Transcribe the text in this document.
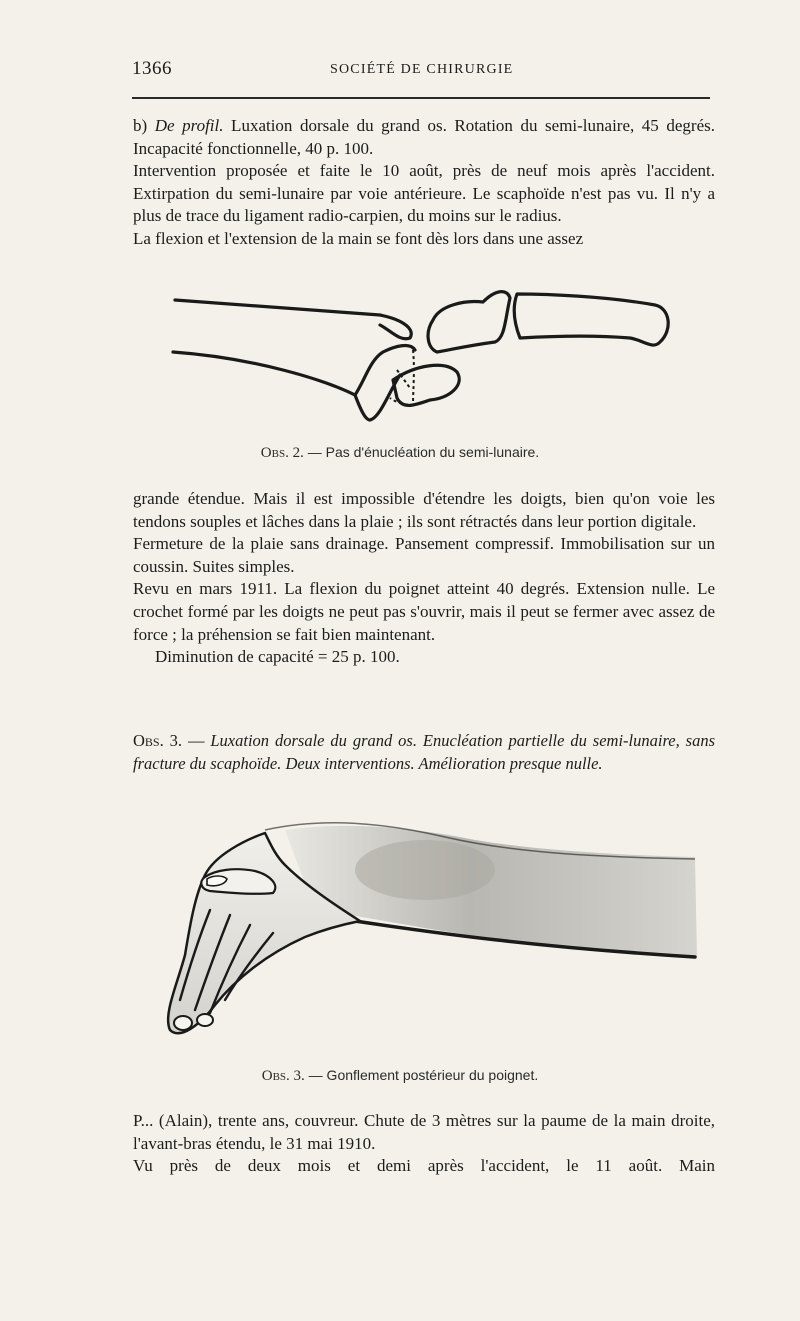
1366	SOCIÉTÉ DE CHIRURGIE

b) De profil. Luxation dorsale du grand os. Rotation du semi-lunaire, 45 degrés. Incapacité fonctionnelle, 40 p. 100.

Intervention proposée et faite le 10 août, près de neuf mois après l'accident. Extirpation du semi-lunaire par voie antérieure. Le scaphoïde n'est pas vu. Il n'y a plus de trace du ligament radio-carpien, du moins sur le radius.

La flexion et l'extension de la main se font dès lors dans une assez

Obs. 2. — Pas d'énucléation du semi-lunaire.

grande étendue. Mais il est impossible d'étendre les doigts, bien qu'on voie les tendons souples et lâches dans la plaie ; ils sont rétractés dans leur portion digitale.

Fermeture de la plaie sans drainage. Pansement compressif. Immobilisation sur un coussin. Suites simples.

Revu en mars 1911. La flexion du poignet atteint 40 degrés. Extension nulle. Le crochet formé par les doigts ne peut pas s'ouvrir, mais il peut se fermer avec assez de force ; la préhension se fait bien maintenant.

Diminution de capacité = 25 p. 100.

Obs. 3. — Luxation dorsale du grand os. Enucléation partielle du semi-lunaire, sans fracture du scaphoïde. Deux interventions. Amélioration presque nulle.
Obs. 3. — Gonflement postérieur du poignet.

P... (Alain), trente ans, couvreur. Chute de 3 mètres sur la paume de la main droite, l'avant-bras étendu, le 31 mai 1910.

Vu près de deux mois et demi après l'accident, le 11 août. Main
